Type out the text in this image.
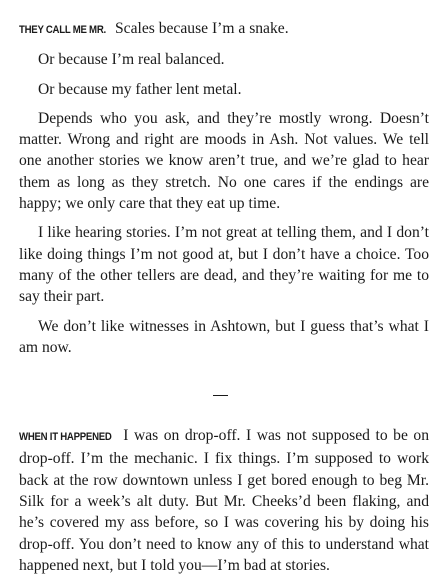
THEY CALL ME MR. Scales because I’m a snake.

Or because I’m real balanced.

Or because my father lent metal.

Depends who you ask, and they’re mostly wrong. Doesn’t matter. Wrong and right are moods in Ash. Not values. We tell one another stories we know aren’t true, and we’re glad to hear them as long as they stretch. No one cares if the endings are happy; we only care that they eat up time.

I like hearing stories. I’m not great at telling them, and I don’t like doing things I’m not good at, but I don’t have a choice. Too many of the other tellers are dead, and they’re waiting for me to say their part.

We don’t like witnesses in Ashtown, but I guess that’s what I am now.

WHEN IT HAPPENED I was on drop-off. I was not supposed to be on drop-off. I’m the mechanic. I fix things. I’m supposed to work back at the row downtown unless I get bored enough to beg Mr. Silk for a week’s alt duty. But Mr. Cheeks’d been flaking, and he’s covered my ass before, so I was covering his by doing his drop-off. You don’t need to know any of this to understand what happened next, but I told you—I’m bad at stories.
